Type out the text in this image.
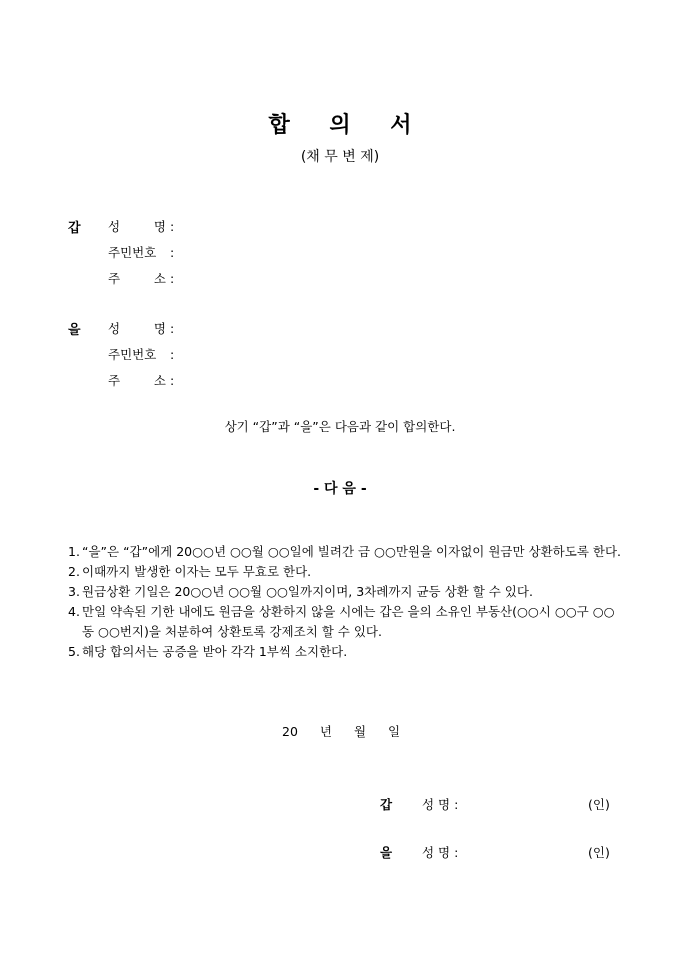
합 의 서
(채 무 변 제)
갑 성 명 :
주민번호 :
주 소 :
을 성 명 :
주민번호 :
주 소 :
상기 “갑”과 “을”은 다음과 같이 합의한다.
- 다 음 -
1. “을”은 “갑”에게 20○○년 ○○월 ○○일에 빌려간 금 ○○만원을 이자없이 원금만 상환하도록 한다.
2. 이때까지 발생한 이자는 모두 무효로 한다.
3. 원금상환 기일은 20○○년 ○○월 ○○일까지이며, 3차례까지 균등 상환 할 수 있다.
4. 만일 약속된 기한 내에도 원금을 상환하지 않을 시에는 갑은 을의 소유인 부동산(○○시 ○○구 ○○동 ○○번지)을 처분하여 상환토록 강제조치 할 수 있다.
5. 해당 합의서는 공증을 받아 각각 1부씩 소지한다.
20 년 월 일
갑 성 명 :	(인)
을 성 명 :	(인)
